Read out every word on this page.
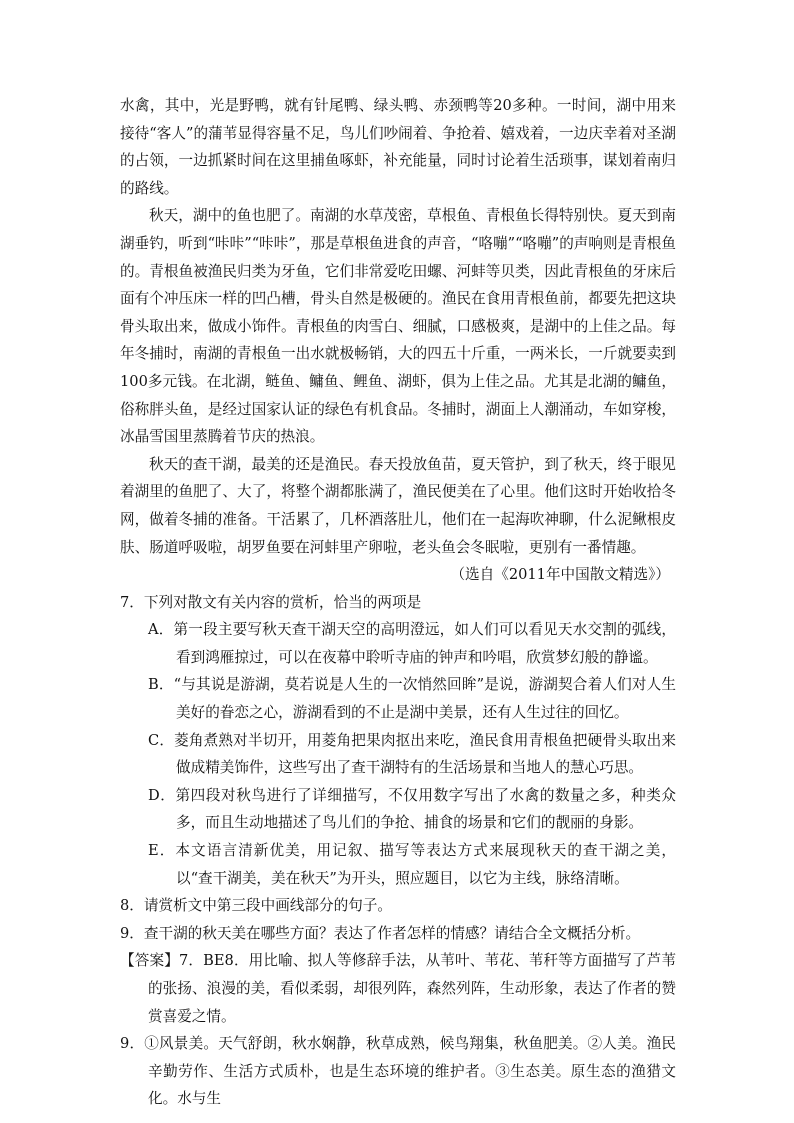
水禽，其中，光是野鸭，就有针尾鸭、绿头鸭、赤颈鸭等20多种。一时间，湖中用来接待“客人”的蒲苇显得容量不足，鸟儿们吵闹着、争抢着、嬉戏着，一边庆幸着对圣湖的占领，一边抓紧时间在这里捕鱼啄虾，补充能量，同时讨论着生活琐事，谋划着南归的路线。

秋天，湖中的鱼也肥了。南湖的水草茂密，草根鱼、青根鱼长得特别快。夏天到南湖垂钓，听到“咔咔”“咔咔”，那是草根鱼进食的声音，“咯嘣”“咯嘣”的声响则是青根鱼的。青根鱼被渔民归类为牙鱼，它们非常爱吃田螺、河蚌等贝类，因此青根鱼的牙床后面有个冲压床一样的凹凸槽，骨头自然是极硬的。渔民在食用青根鱼前，都要先把这块骨头取出来，做成小饰件。青根鱼的肉雪白、细腻，口感极爽，是湖中的上佳之品。每年冬捕时，南湖的青根鱼一出水就极畅销，大的四五十斤重，一两米长，一斤就要卖到100多元钱。在北湖，鲢鱼、鳙鱼、鲤鱼、湖虾，俱为上佳之品。尤其是北湖的鳙鱼，俗称胖头鱼，是经过国家认证的绿色有机食品。冬捕时，湖面上人潮涌动，车如穿梭，冰晶雪国里蒸腾着节庆的热浪。

秋天的查干湖，最美的还是渔民。春天投放鱼苗，夏天管护，到了秋天，终于眼见着湖里的鱼肥了、大了，将整个湖都胀满了，渔民便美在了心里。他们这时开始收拾冬网，做着冬捕的准备。干活累了，几杯酒落肚儿，他们在一起海吹神聊，什么泥鳅根皮肤、肠道呼吸啦，胡罗鱼要在河蚌里产卵啦，老头鱼会冬眠啦，更别有一番情趣。

（选自《2011年中国散文精选》）

7．下列对散文有关内容的赏析，恰当的两项是

A．第一段主要写秋天查干湖天空的高明澄远，如人们可以看见天水交割的弧线，看到鸿雁掠过，可以在夜幕中聆听寺庙的钟声和吟唱，欣赏梦幻般的静谧。

B．“与其说是游湖，莫若说是人生的一次悄然回眸”是说，游湖契合着人们对人生美好的眷恋之心，游湖看到的不止是湖中美景，还有人生过往的回忆。

C．菱角煮熟对半切开，用菱角把果肉抠出来吃，渔民食用青根鱼把硬骨头取出来做成精美饰件，这些写出了查干湖特有的生活场景和当地人的慧心巧思。

D．第四段对秋鸟进行了详细描写，不仅用数字写出了水禽的数量之多，种类众多，而且生动地描述了鸟儿们的争抢、捕食的场景和它们的靓丽的身影。

E．本文语言清新优美，用记叙、描写等表达方式来展现秋天的查干湖之美，以“查干湖美，美在秋天”为开头，照应题目，以它为主线，脉络清晰。

8．请赏析文中第三段中画线部分的句子。

9．查干湖的秋天美在哪些方面？表达了作者怎样的情感？请结合全文概括分析。

【答案】7．BE8．用比喻、拟人等修辞手法，从苇叶、苇花、苇秆等方面描写了芦苇的张扬、浪漫的美，看似柔弱，却很列阵，森然列阵，生动形象，表达了作者的赞赏喜爱之情。

9．①风景美。天气舒朗，秋水娴静，秋草成熟，候鸟翔集，秋鱼肥美。②人美。渔民辛勤劳作、生活方式质朴，也是生态环境的维护者。③生态美。原生态的渔猎文化。水与生
